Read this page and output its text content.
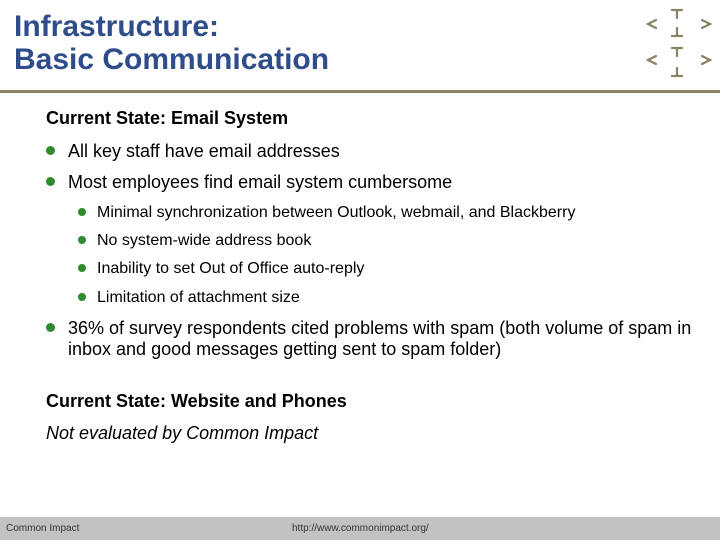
Infrastructure:
Basic Communication
Current State: Email System
All key staff have email addresses
Most employees find email system cumbersome
Minimal synchronization between Outlook, webmail, and Blackberry
No system-wide address book
Inability to set Out of Office auto-reply
Limitation of attachment size
36% of survey respondents cited problems with spam (both volume of spam in inbox and good messages getting sent to spam folder)
Current State: Website and Phones
Not evaluated by Common Impact
Common Impact	http://www.commonimpact.org/
